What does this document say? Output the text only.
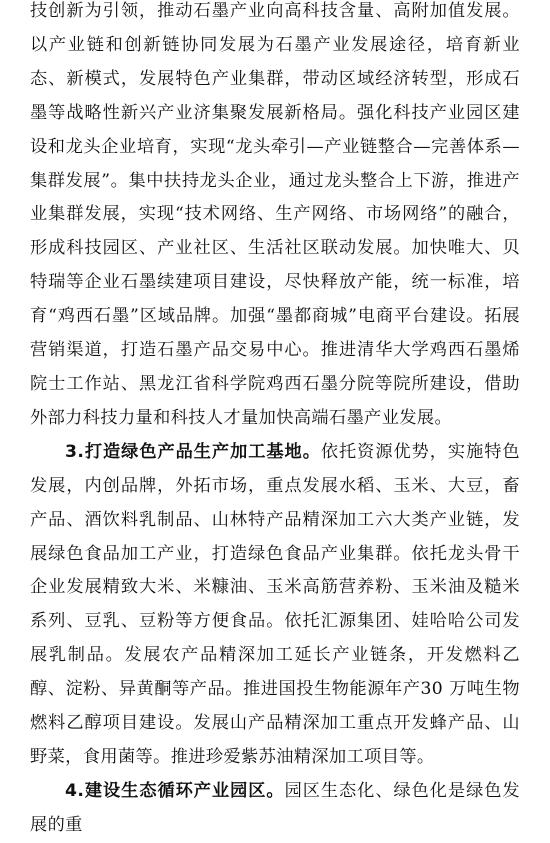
技创新为引领，推动石墨产业向高科技含量、高附加值发展。以产业链和创新链协同发展为石墨产业发展途径，培育新业态、新模式，发展特色产业集群，带动区域经济转型，形成石墨等战略性新兴产业济集聚发展新格局。强化科技产业园区建设和龙头企业培育，实现“龙头牵引—产业链整合—完善体系—集群发展”。集中扶持龙头企业，通过龙头整合上下游，推进产业集群发展，实现“技术网络、生产网络、市场网络”的融合，形成科技园区、产业社区、生活社区联动发展。加快唯大、贝特瑞等企业石墨续建项目建设，尽快释放产能，统一标准，培育“鸡西石墨”区域品牌。加强“墨都商城”电商平台建设。拓展营销渠道，打造石墨产品交易中心。推进清华大学鸡西石墨烯院士工作站、黑龙江省科学院鸡西石墨分院等院所建设，借助外部力科技力量和科技人才量加快高端石墨产业发展。

3.打造绿色产品生产加工基地。依托资源优势，实施特色发展，内创品牌，外拓市场，重点发展水稻、玉米、大豆，畜产品、酒饮料乳制品、山林特产品精深加工六大类产业链，发展绿色食品加工产业，打造绿色食品产业集群。依托龙头骨干企业发展精致大米、米糠油、玉米高筋营养粉、玉米油及糙米系列、豆乳、豆粉等方便食品。依托汇源集团、娃哈哈公司发展乳制品。发展农产品精深加工延长产业链条，开发燃料乙醇、淀粉、异黄酮等产品。推进国投生物能源年产30 万吨生物燃料乙醇项目建设。发展山产品精深加工重点开发蜂产品、山野菜，食用菌等。推进珍爱紫苏油精深加工项目等。

4.建设生态循环产业园区。园区生态化、绿色化是绿色发展的重
